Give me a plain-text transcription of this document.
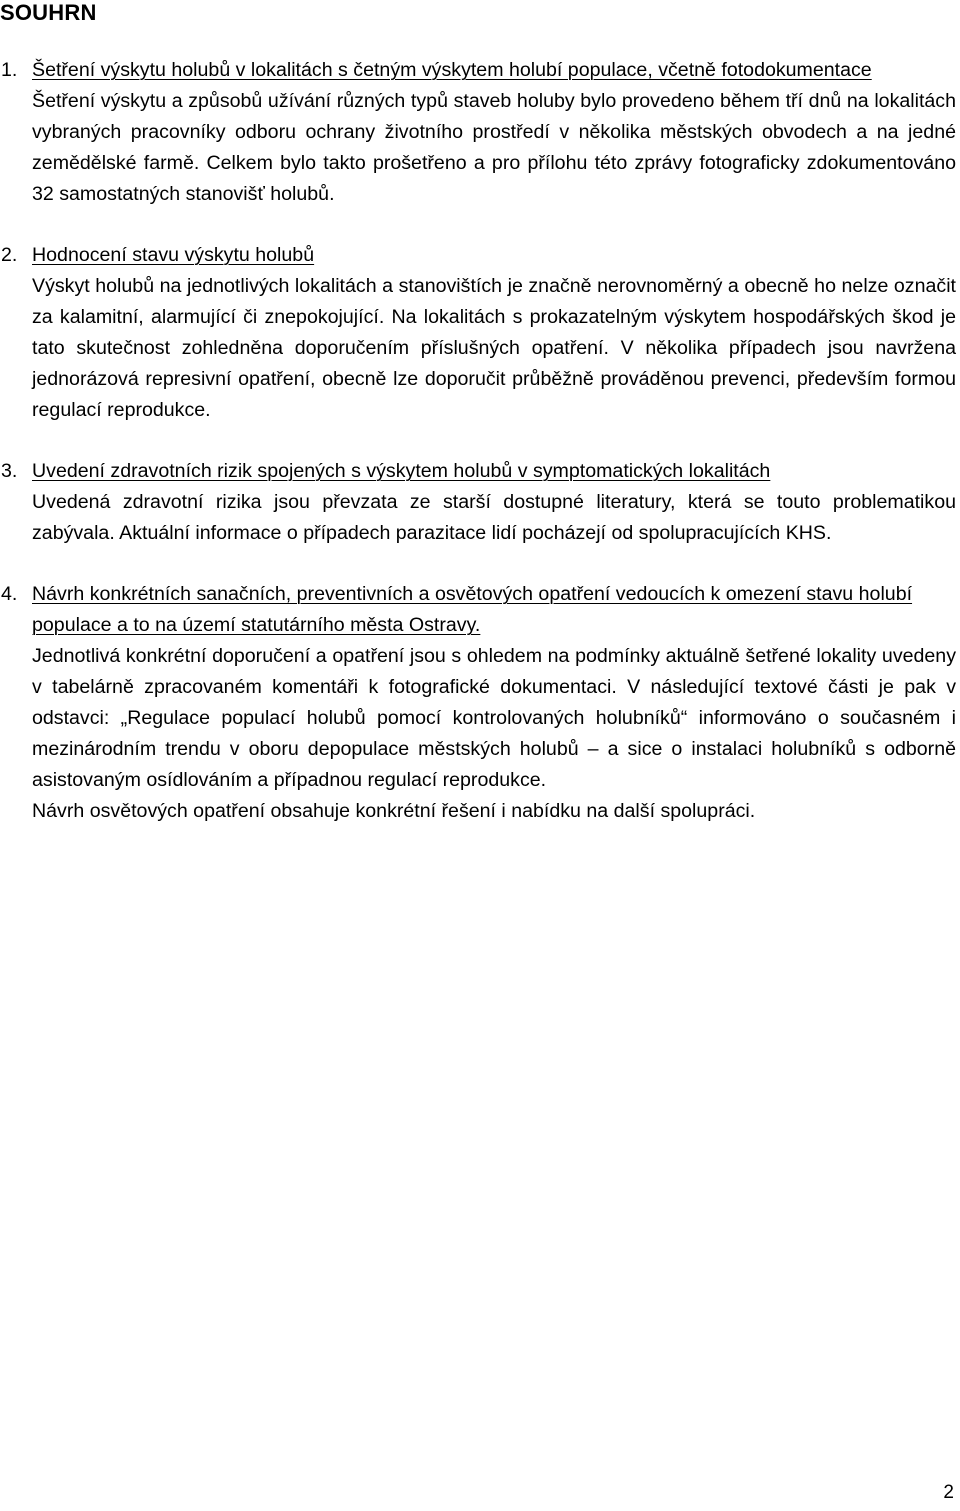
SOUHRN

1. Šetření výskytu holubů v lokalitách s četným výskytem holubí populace, včetně fotodokumentace

Šetření výskytu a způsobů užívání různých typů staveb holuby bylo provedeno během tří dnů na lokalitách vybraných pracovníky odboru ochrany životního prostředí v několika městských obvodech a na jedné zemědělské farmě. Celkem bylo takto prošetřeno a pro přílohu této zprávy fotograficky zdokumentováno 32 samostatných stanovišť holubů.

2. Hodnocení stavu výskytu holubů

Výskyt holubů na jednotlivých lokalitách a stanovištích je značně nerovnoměrný a obecně ho nelze označit za kalamitní, alarmující či znepokojující. Na lokalitách s prokazatelným výskytem hospodářských škod je tato skutečnost zohledněna doporučením příslušných opatření. V několika případech jsou navržena jednorázová represivní opatření, obecně lze doporučit průběžně prováděnou prevenci, především formou regulací reprodukce.

3. Uvedení zdravotních rizik spojených s výskytem holubů v symptomatických lokalitách

Uvedená zdravotní rizika jsou převzata ze starší dostupné literatury, která se touto problematikou zabývala. Aktuální informace o případech parazitace lidí pocházejí od spolupracujících KHS.

4. Návrh konkrétních sanačních, preventivních a osvětových opatření vedoucích k omezení stavu holubí populace a to na území statutárního města Ostravy.

Jednotlivá konkrétní doporučení a opatření jsou s ohledem na podmínky aktuálně šetřené lokality uvedeny v tabelárně zpracovaném komentáři k fotografické dokumentaci. V následující textové části je pak v odstavci: „Regulace populací holubů pomocí kontrolovaných holubníků“ informováno o současném i mezinárodním trendu v oboru depopulace městských holubů – a sice o instalaci holubníků s odborně asistovaným osídlováním a případnou regulací reprodukce.

Návrh osvětových opatření obsahuje konkrétní řešení i nabídku na další spolupráci.

2
